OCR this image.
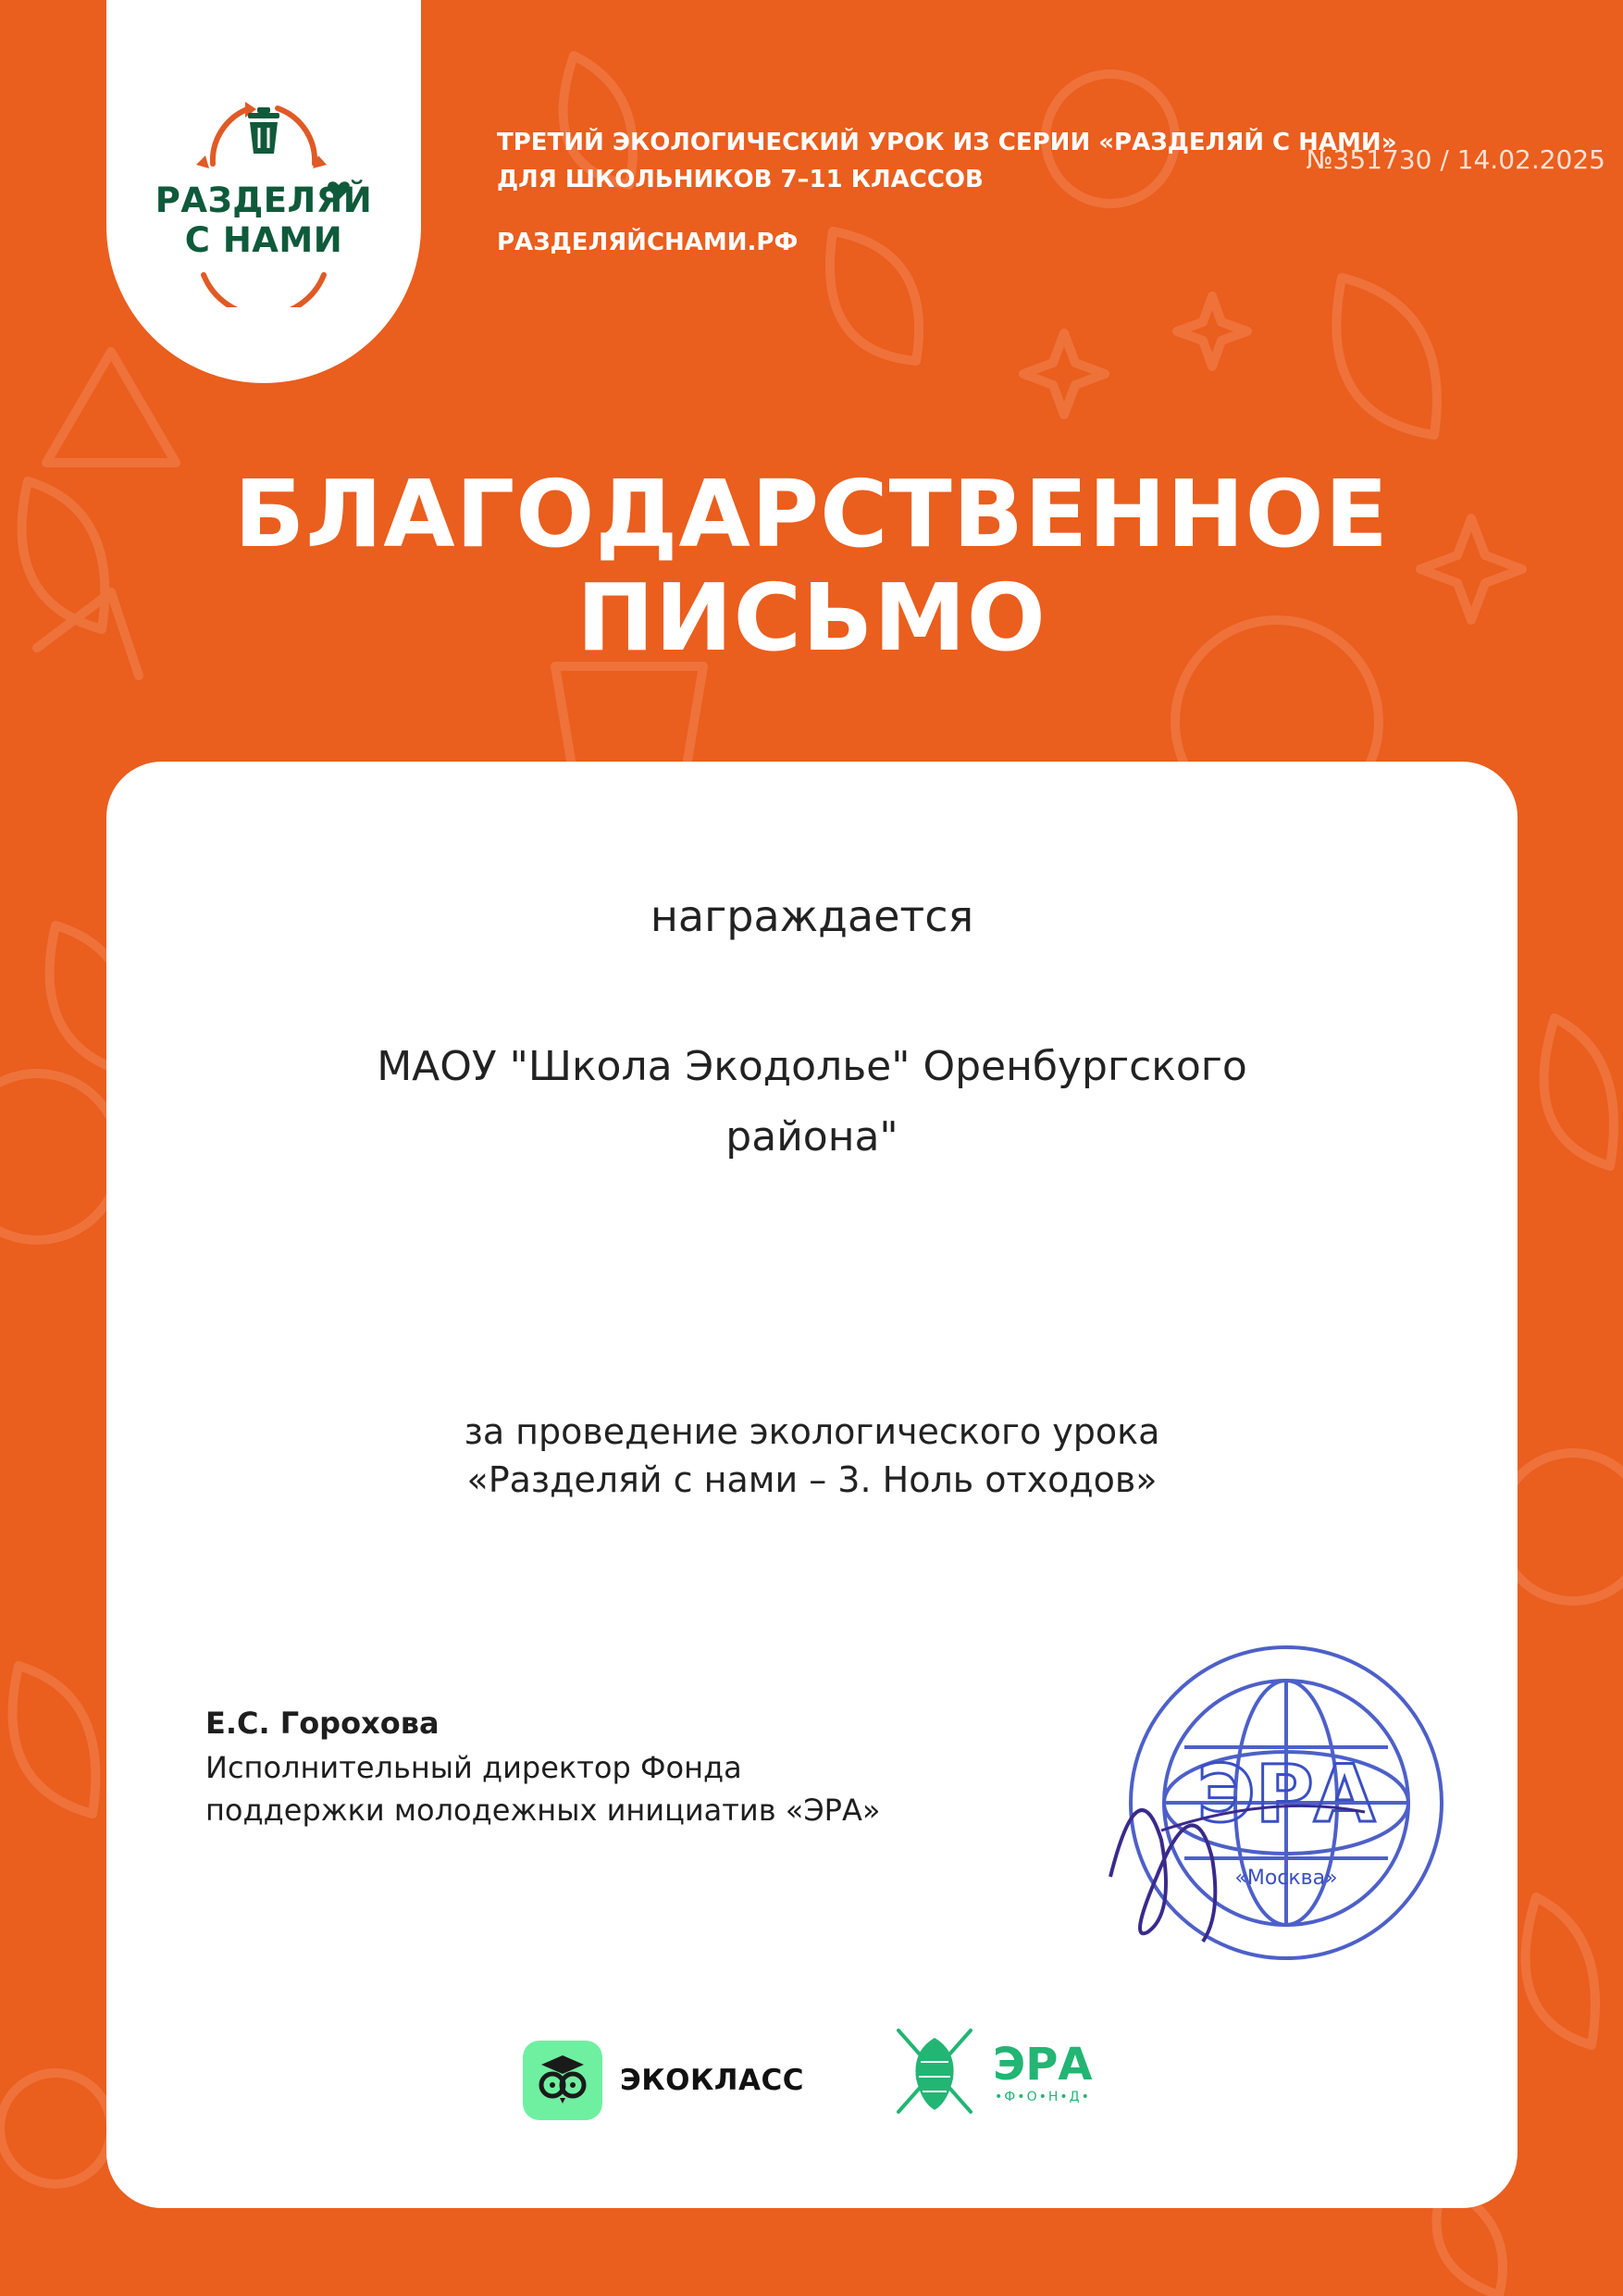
РАЗДЕЛЯЙ
С НАМИ
ТРЕТИЙ ЭКОЛОГИЧЕСКИЙ УРОК ИЗ СЕРИИ «РАЗДЕЛЯЙ С НАМИ»
ДЛЯ ШКОЛЬНИКОВ 7–11 КЛАССОВ
РАЗДЕЛЯЙСНАМИ.РФ
№351730 / 14.02.2025
БЛАГОДАРСТВЕННОЕ
ПИСЬМО
награждается
МАОУ "Школа Экодолье" Оренбургского
района"
за проведение экологического урока
«Разделяй с нами – 3. Ноль отходов»
Е.С. Горохова
Исполнительный директор Фонда
поддержки молодежных инициатив «ЭРА»	ЭРА
«Москва»
ЭКОКЛАСС	ЭРА
•Ф•О•Н•Д•
